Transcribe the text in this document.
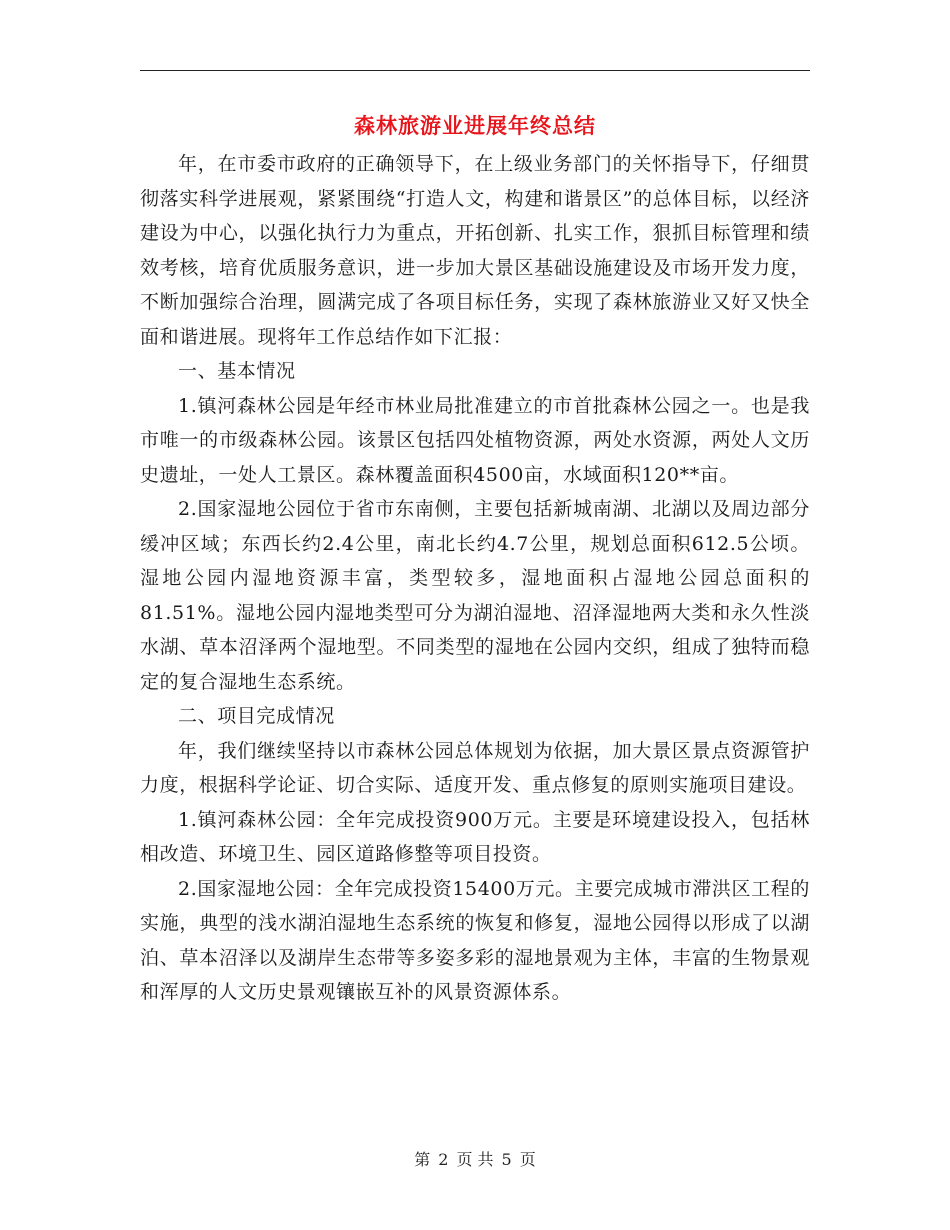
森林旅游业进展年终总结

年，在市委市政府的正确领导下，在上级业务部门的关怀指导下，仔细贯彻落实科学进展观，紧紧围绕“打造人文，构建和谐景区”的总体目标，以经济建设为中心，以强化执行力为重点，开拓创新、扎实工作，狠抓目标管理和绩效考核，培育优质服务意识，进一步加大景区基础设施建设及市场开发力度，不断加强综合治理，圆满完成了各项目标任务，实现了森林旅游业又好又快全面和谐进展。现将年工作总结作如下汇报：

一、基本情况

1.镇河森林公园是年经市林业局批准建立的市首批森林公园之一。也是我市唯一的市级森林公园。该景区包括四处植物资源，两处水资源，两处人文历史遗址，一处人工景区。森林覆盖面积4500亩，水域面积120**亩。

2.国家湿地公园位于省市东南侧，主要包括新城南湖、北湖以及周边部分缓冲区域；东西长约2.4公里，南北长约4.7公里，规划总面积612.5公顷。湿地公园内湿地资源丰富，类型较多，湿地面积占湿地公园总面积的81.51%。湿地公园内湿地类型可分为湖泊湿地、沼泽湿地两大类和永久性淡水湖、草本沼泽两个湿地型。不同类型的湿地在公园内交织，组成了独特而稳定的复合湿地生态系统。

二、项目完成情况

年，我们继续坚持以市森林公园总体规划为依据，加大景区景点资源管护力度，根据科学论证、切合实际、适度开发、重点修复的原则实施项目建设。

1.镇河森林公园：全年完成投资900万元。主要是环境建设投入，包括林相改造、环境卫生、园区道路修整等项目投资。

2.国家湿地公园：全年完成投资15400万元。主要完成城市滞洪区工程的实施，典型的浅水湖泊湿地生态系统的恢复和修复，湿地公园得以形成了以湖泊、草本沼泽以及湖岸生态带等多姿多彩的湿地景观为主体，丰富的生物景观和浑厚的人文历史景观镶嵌互补的风景资源体系。

第 2 页 共 5 页
